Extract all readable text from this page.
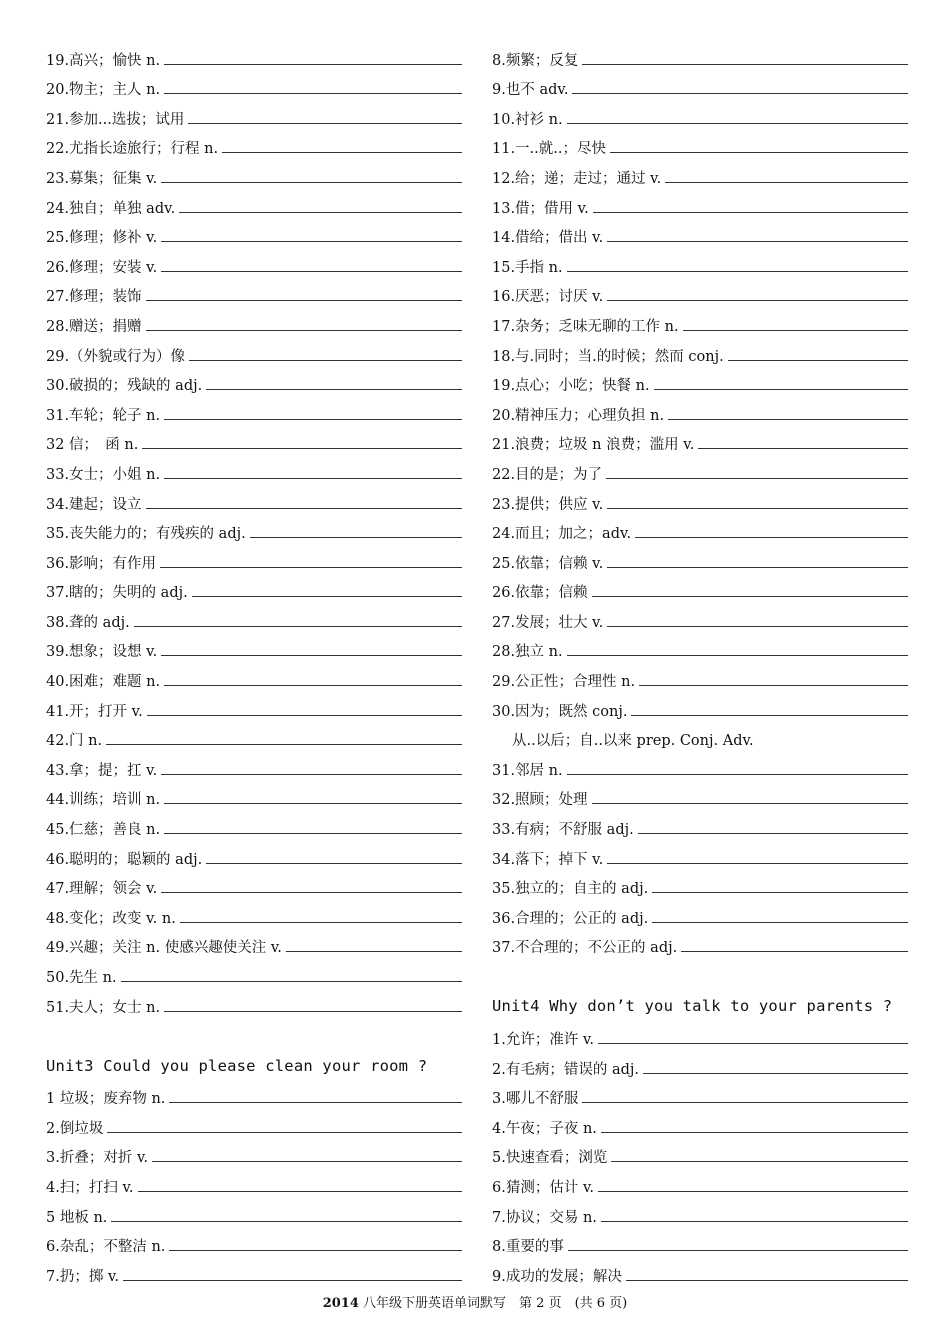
19.高兴；愉快 n.
20.物主；主人 n.
21.参加...选拔；试用
22.尤指长途旅行；行程 n.
23.募集；征集 v.
24.独自；单独 adv.
25.修理；修补 v.
26.修理；安装 v.
27.修理；装饰
28.赠送；捐赠
29.（外貌或行为）像
30.破损的；残缺的 adj.
31.车轮；轮子 n.
32 信；　函 n.
33.女士；小姐 n.
34.建起；设立
35.丧失能力的；有残疾的 adj.
36.影响；有作用
37.瞎的；失明的 adj.
38.聋的 adj.
39.想象；设想 v.
40.困难；难题 n.
41.开；打开 v.
42.门 n.
43.拿；提；扛 v.
44.训练；培训 n.
45.仁慈；善良 n.
46.聪明的；聪颖的 adj.
47.理解；领会 v.
48.变化；改变 v. n.
49.兴趣；关注 n. 使感兴趣使关注 v.
50.先生 n.
51.夫人；女士 n.
Unit3 Could you please clean your room ?
1 垃圾；废弃物 n.
2.倒垃圾
3.折叠；对折 v.
4.扫；打扫 v.
5 地板 n.
6.杂乱；不整洁 n.
7.扔；掷 v.
8.频繁；反复
9.也不 adv.
10.衬衫 n.
11.一..就..；尽快
12.给；递；走过；通过 v.
13.借；借用 v.
14.借给；借出 v.
15.手指 n.
16.厌恶；讨厌 v.
17.杂务；乏味无聊的工作 n.
18.与.同时；当.的时候；然而 conj.
19.点心；小吃；快餐 n.
20.精神压力；心理负担 n.
21.浪费；垃圾 n 浪费；滥用 v.
22.目的是；为了
23.提供；供应 v.
24.而且；加之；adv.
25.依靠；信赖 v.
26.依靠；信赖
27.发展；壮大 v.
28.独立 n.
29.公正性；合理性 n.
30.因为；既然 conj.
从..以后；自..以来 prep. Conj. Adv.
31.邻居 n.
32.照顾；处理
33.有病；不舒服 adj.
34.落下；掉下 v.
35.独立的；自主的 adj.
36.合理的；公正的 adj.
37.不合理的；不公正的 adj.
Unit4 Why don’t you talk to your parents ?
1.允许；准许 v.
2.有毛病；错误的 adj.
3.哪儿不舒服
4.午夜；子夜 n.
5.快速查看；浏览
6.猜测；估计 v.
7.协议；交易 n.
8.重要的事
9.成功的发展；解决
2014 八年级下册英语单词默写　第 2 页　(共 6 页)
